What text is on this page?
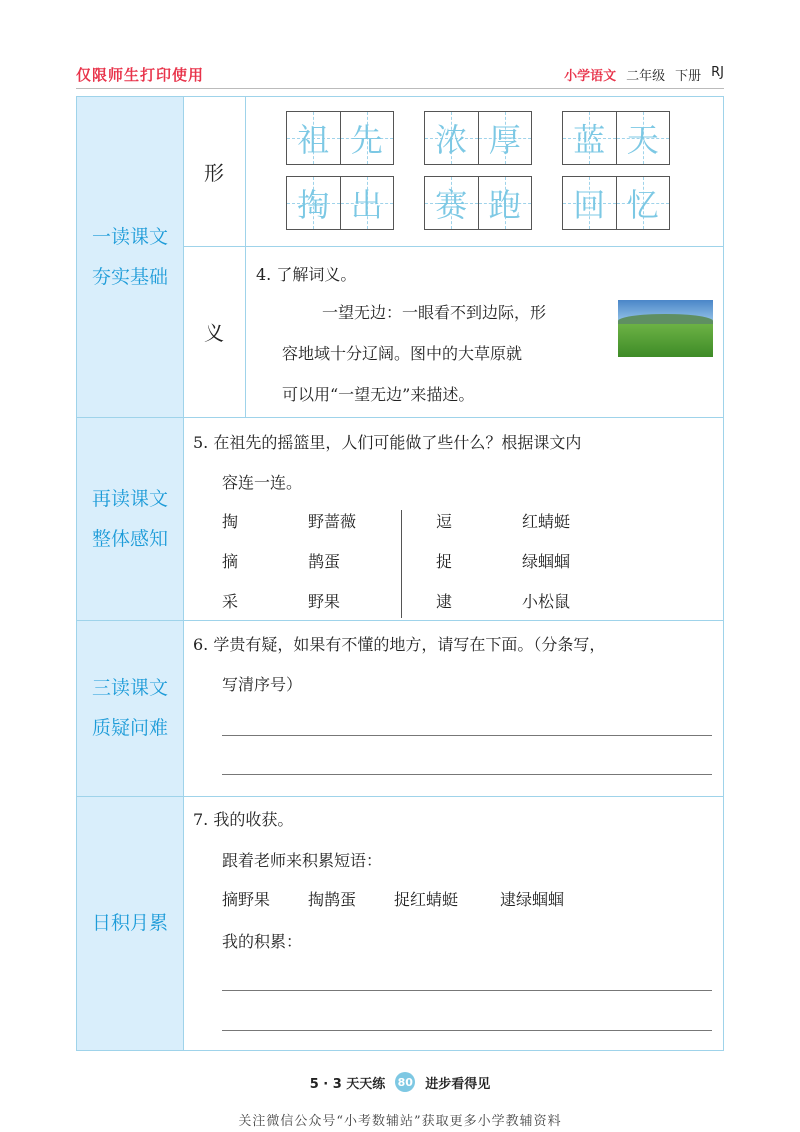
仅限师生打印使用	小学语文 二年级 下册 RJ
一读课文
夯实基础
再读课文
整体感知
三读课文
质疑问难
日积月累
形
义
祖 先 浓 厚 蓝 天
掏 出 赛 跑 回 忆
4. 了解词义。
一望无边：一眼看不到边际，形
容地域十分辽阔。图中的大草原就
可以用“一望无边”来描述。
5. 在祖先的摇篮里，人们可能做了些什么？根据课文内
容连一连。
掏
摘
采
野蔷薇
鹊蛋
野果
逗
捉
逮
红蜻蜓
绿蝈蝈
小松鼠
6. 学贵有疑，如果有不懂的地方，请写在下面。（分条写，
写清序号）
7. 我的收获。
跟着老师来积累短语：
摘野果 掏鹊蛋 捉红蜻蜓	逮绿蝈蝈
我的积累：
5 · 3 天天练 80 进步看得见
关注微信公众号“小考数辅站”获取更多小学教辅资料
